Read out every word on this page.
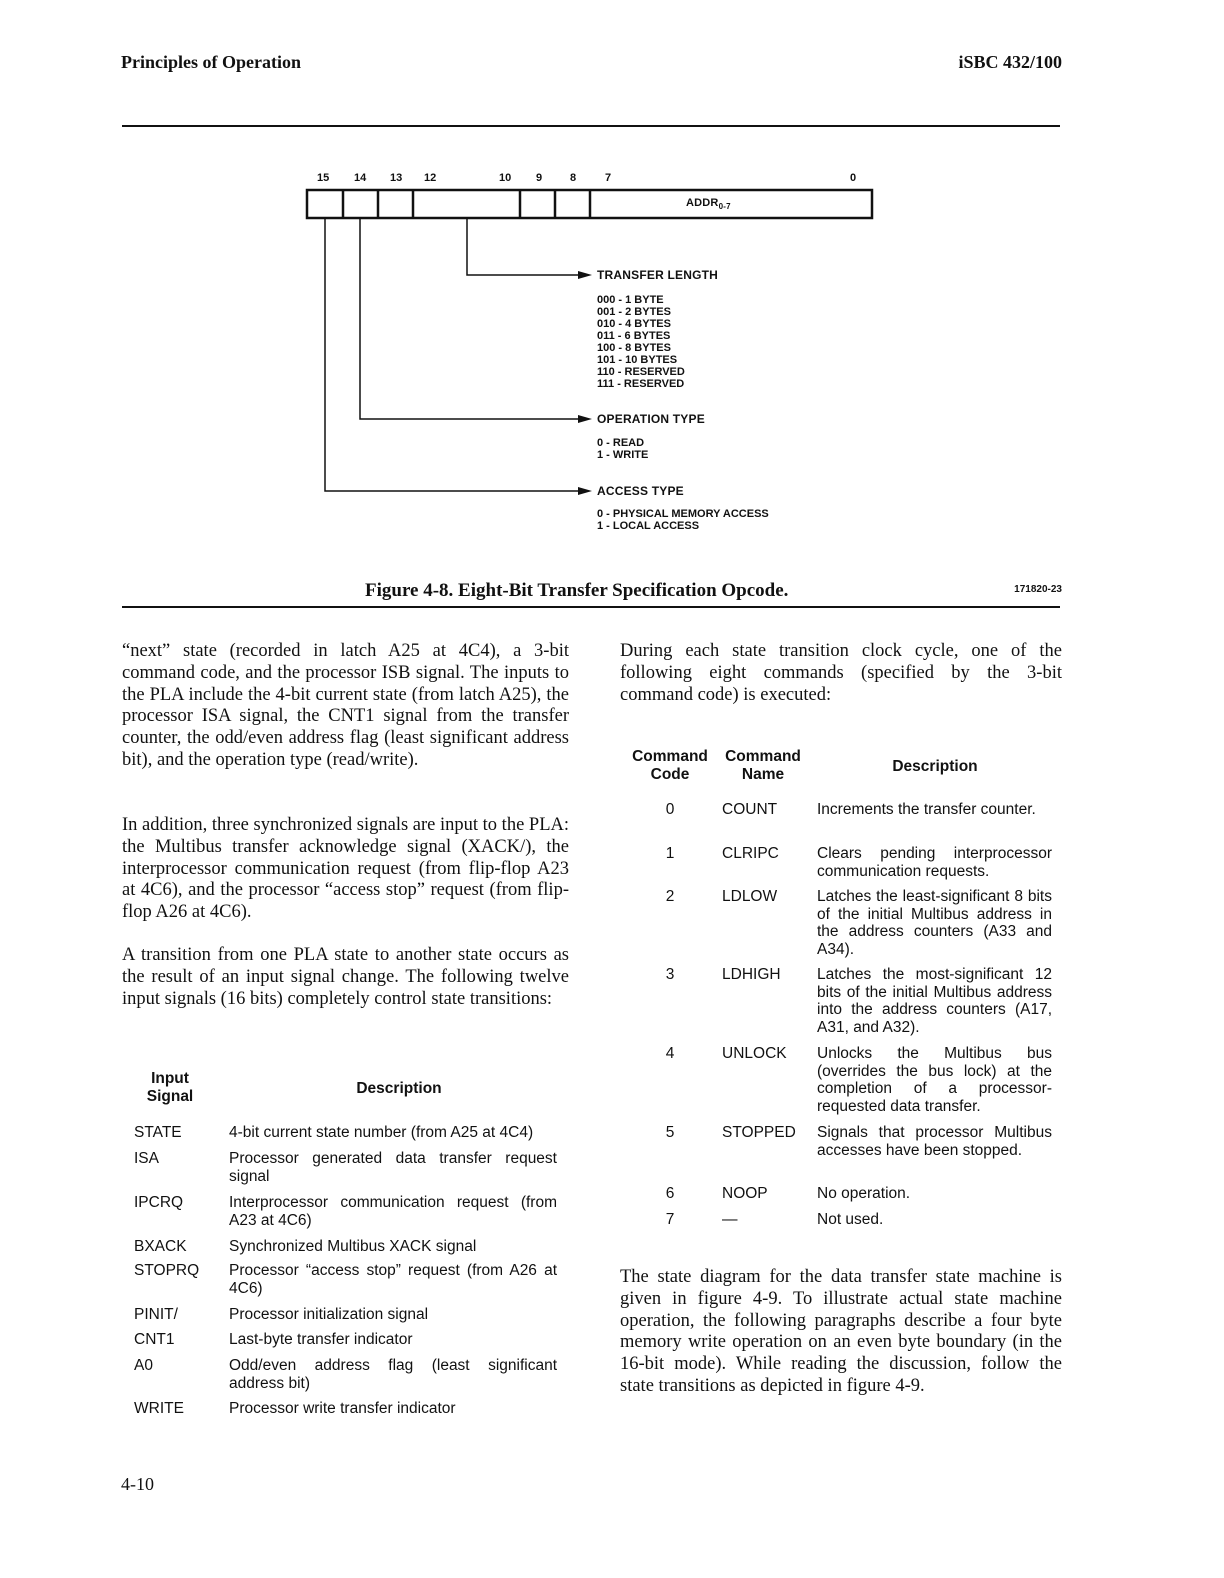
Principles of Operation	iSBC 432/100
15 14 13 12	10 9	8	7	0
$ADDR_{0-7}$
TRANSFER LENGTH
000 - 1 BYTE
001 - 2 BYTES
010 - 4 BYTES
011 - 6 BYTES
100 - 8 BYTES
101 - 10 BYTES
110 - RESERVED
111 - RESERVED
OPERATION TYPE
0 - READ
1 - WRITE
ACCESS TYPE
0 - PHYSICAL MEMORY ACCESS
1 - LOCAL ACCESS
Figure 4-8. Eight-Bit Transfer Specification Opcode.	171820-23

“next” state (recorded in latch A25 at 4C4), a 3-bit command code, and the processor ISB signal. The inputs to the PLA include the 4-bit current state (from latch A25), the processor ISA signal, the CNT1 signal from the transfer counter, the odd/even address flag (least significant address bit), and the operation type (read/write).

In addition, three synchronized signals are input to the PLA: the Multibus transfer acknowledge signal (XACK/), the interprocessor communication request (from flip-flop A23 at 4C6), and the processor “access stop” request (from flip-flop A26 at 4C6).

A transition from one PLA state to another state occurs as the result of an input signal change. The following twelve input signals (16 bits) completely control state transitions:

Input Signal	Description
STATE	4-bit current state number (from A25 at 4C4)
ISA	Processor generated data transfer request signal
IPCRQ	Interprocessor communication request (from A23 at 4C6)
BXACK	Synchronized Multibus XACK signal
STOPRQ Processor “access stop” request (from A26 at 4C6)
PINIT/	Processor initialization signal
CNT1	Last-byte transfer indicator
A0	Odd/even address flag (least significant address bit)
WRITE	Processor write transfer indicator

During each state transition clock cycle, one of the following eight commands (specified by the 3-bit command code) is executed:

Command Code
Command Name	Description
0	COUNT	Increments the transfer counter.
1	CLRIPC Clears pending interprocessor communication requests.
2	LDLOW	Latches the least-significant 8 bits of the initial Multibus address in the address counters (A33 and A34).
3	LDHIGH Latches the most-significant 12 bits of the initial Multibus address into the address counters (A17, A31, and A32).
4	UNLOCK Unlocks the Multibus bus (overrides the bus lock) at the completion of a processor-requested data transfer.
5	STOPPED Signals that processor Multibus accesses have been stopped.
6	NOOP	No operation.
7	—	Not used.

The state diagram for the data transfer state machine is given in figure 4-9. To illustrate actual state machine operation, the following paragraphs describe a four byte memory write operation on an even byte boundary (in the 16-bit mode). While reading the discussion, follow the state transitions as depicted in figure 4-9.

4-10
